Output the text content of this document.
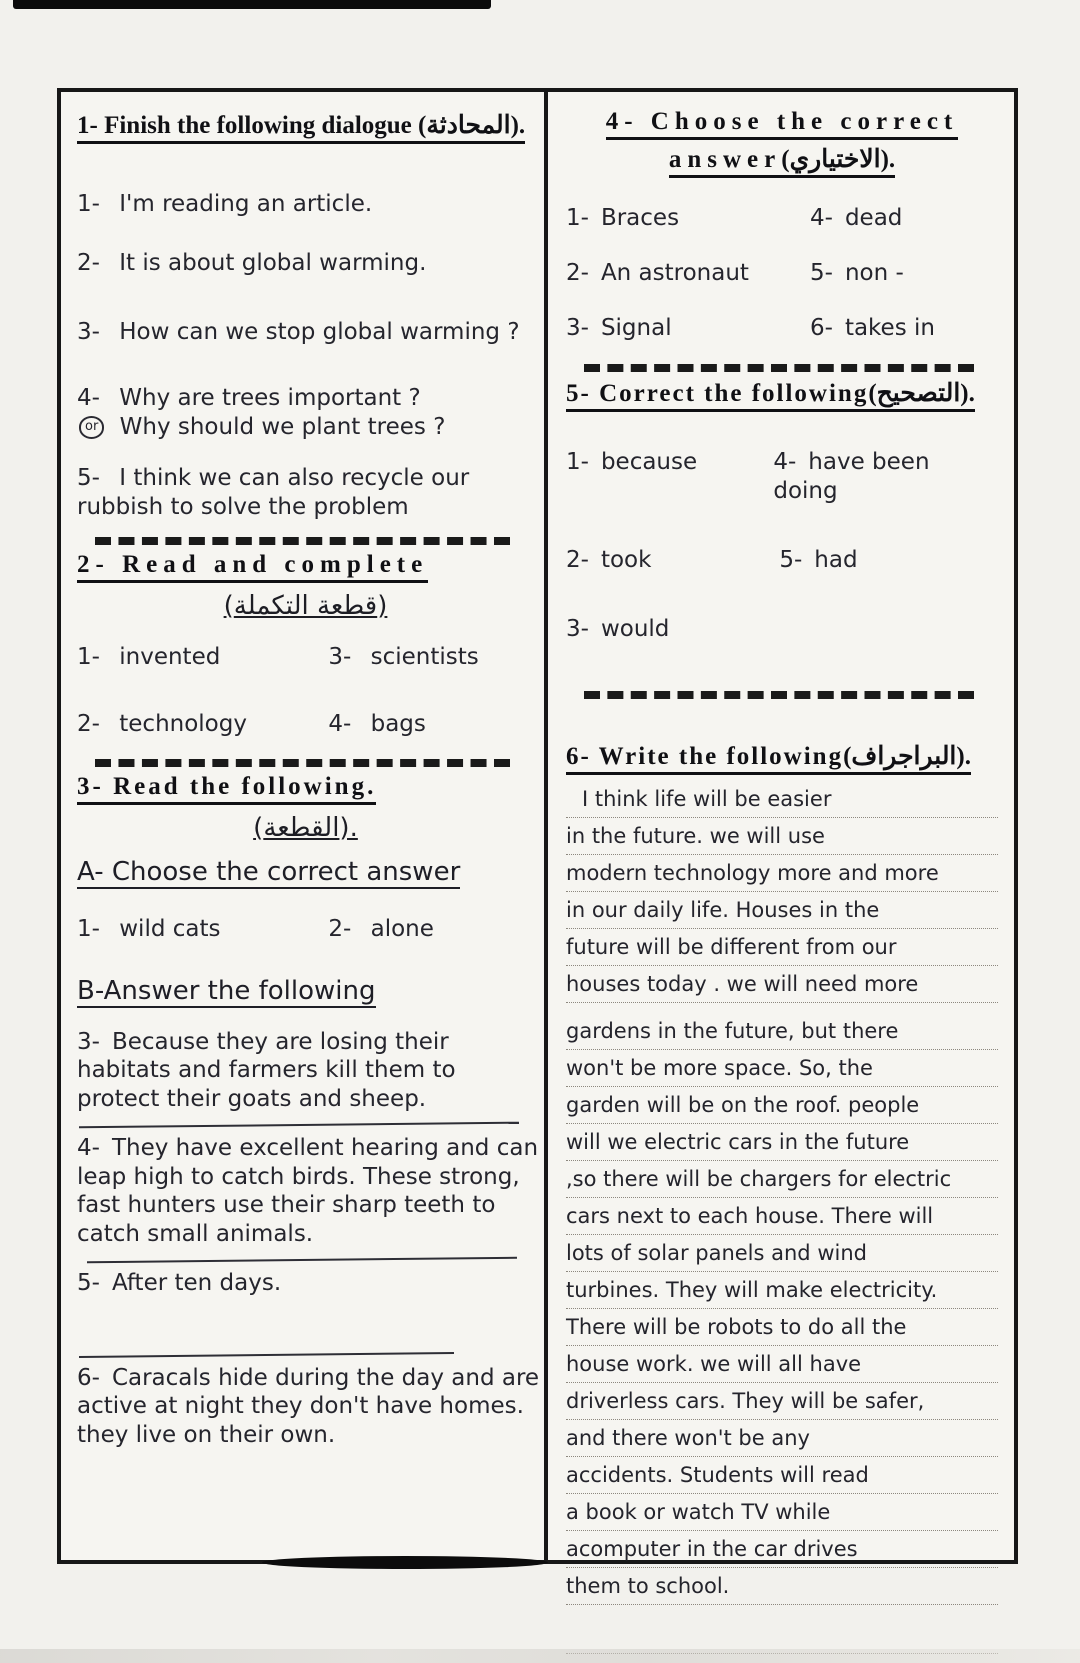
1- Finish the following dialogue (المحادثة).
1- I'm reading an article.
2- It is about global warming.
3- How can we stop global warming ?
4- Why are trees important ?
or Why should we plant trees ?
5- I think we can also recycle our rubbish to solve the problem
2- Read and complete
(قطعة التكملة)
1- invented	3- scientists
2- technology	4- bags
3- Read the following.
(القطعة).
A- Choose the correct answer
1- wild cats	2- alone
B-Answer the following
3- Because they are losing their habitats and farmers kill them to protect their goats and sheep.
4- They have excellent hearing and can leap high to catch birds. These strong, fast hunters use their sharp teeth to catch small animals.
5- After ten days.
6- Caracals hide during the day and are active at night they don't have homes. they live on their own.
4- Choose the correct
answer(الاختياري).
1- Braces	4- dead
2- An astronaut	5- non -
3- Signal	6- takes in
5- Correct the following(التصحيح).
1- because	4- have been doing
2- took	5- had
3- would
6- Write the following(البراجراف).
I think life will be easier
in the future. we will use
modern technology more and more
in our daily life. Houses in the
future will be different from our
houses today . we will need more
gardens in the future, but there
won't be more space. So, the
garden will be on the roof. people
will we electric cars in the future
,so there will be chargers for electric
cars next to each house. There will
lots of solar panels and wind
turbines. They will make electricity.
There will be robots to do all the
house work. we will all have
driverless cars. They will be safer,
and there won't be any
accidents. Students will read
a book or watch TV while
acomputer in the car drives
them to school.
